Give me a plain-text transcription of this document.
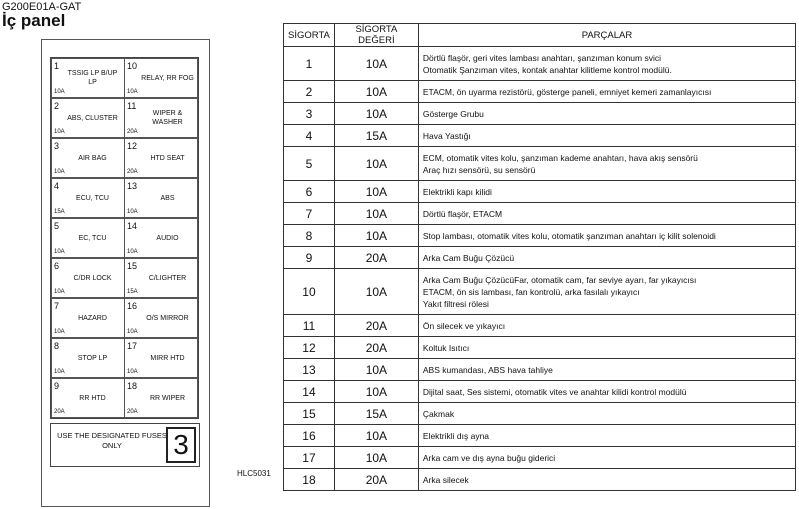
G200E01A-GAT
İç panel
1
10A
TSSIG LP B/UP LP
2
10A
ABS, CLUSTER
3
10A
AIR BAG
4
15A
ECU, TCU
5
10A
EC, TCU
6
10A
C/DR LOCK
7
10A
HAZARD
8
10A
STOP LP
9
20A
RR HTD
10
10A
RELAY, RR FOG
11
20A
WIPER & WASHER
12
20A
HTD SEAT
13
10A
ABS
14
10A
AUDIO
15
15A
C/LIGHTER
16
10A
O/S MIRROR
17
10A
MIRR HTD
18
20A
RR WIPER
USE THE DESIGNATED FUSES ONLY	3
HLC5031
SİGORTA	SİGORTA DEĞERİ	PARÇALAR
1	10A	Dörtlü flaşör, geri vites lambası anahtarı, şanzıman konum svici
Otomatik Şanzıman vites, kontak anahtar kilitleme kontrol modülü.

2	10A	ETACM, ön uyarma rezistörü, gösterge paneli, emniyet kemeri zamanlayıcısı

3	10A	Gösterge Grubu

4	15A	Hava Yastığı

5	10A	ECM, otomatik vites kolu, şanzıman kademe anahtarı, hava akış sensörü
Araç hızı sensörü, su sensörü

6	10A	Elektrikli kapı kilidi

7	10A	Dörtlü flaşör, ETACM

8	10A	Stop lambası, otomatik vites kolu, otomatik şanzıman anahtarı iç kilit solenoidi

9	20A	Arka Cam Buğu Çözücü

10	10A	Arka Cam Buğu ÇözücüFar, otomatik cam, far seviye ayarı, far yıkayıcısı
ETACM, ön sis lambası, fan kontrolü, arka fasılalı yıkayıcı
Yakıt filtresi rölesi

11	20A	Ön silecek ve yıkayıcı

12	20A	Koltuk Isıtıcı

13	10A	ABS kumandası, ABS hava tahliye

14	10A	Dijital saat, Ses sistemi, otomatik vites ve anahtar kilidi kontrol modülü

15	15A	Çakmak

16	10A	Elektrikli dış ayna

17	10A	Arka cam ve dış ayna buğu giderici

18	20A	Arka silecek
